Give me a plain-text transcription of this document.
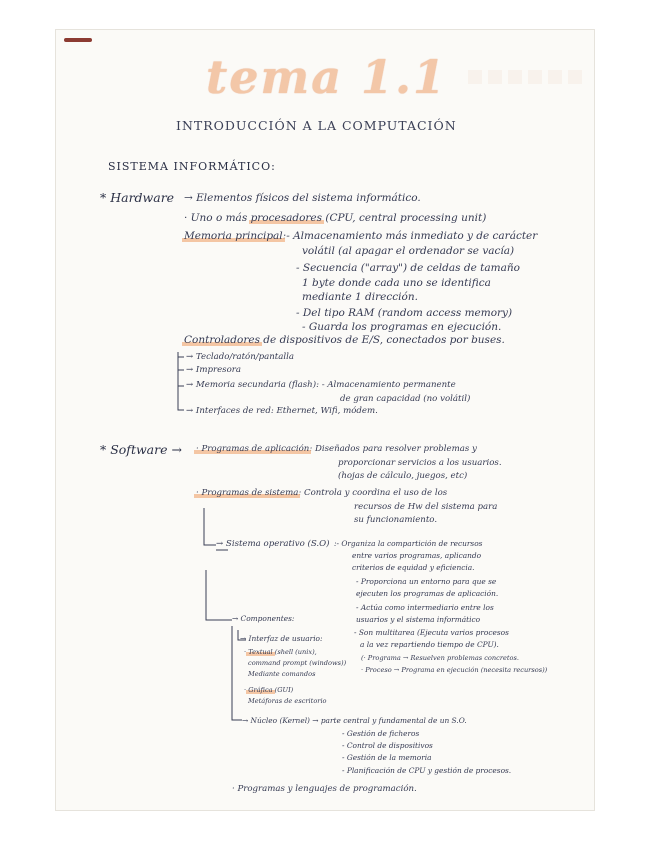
tema 1.1
INTRODUCCIÓN A LA COMPUTACIÓN
SISTEMA INFORMÁTICO:
* Hardware → Elementos físicos del sistema informático.
· Uno o más procesadores (CPU, central processing unit)
Memoria principal:- Almacenamiento más inmediato y de carácter
volátil (al apagar el ordenador se vacía)
- Secuencia ("array") de celdas de tamaño
1 byte donde cada uno se identifica
mediante 1 dirección.
- Del tipo RAM (random access memory)
- Guarda los programas en ejecución.
Controladores de dispositivos de E/S, conectados por buses.
→ Teclado/ratón/pantalla
→ Impresora
→ Memoria secundaria (flash): - Almacenamiento permanente
de gran capacidad (no volátil)
→ Interfaces de red: Ethernet, Wifi, módem.
* Software → · Programas de aplicación: Diseñados para resolver problemas y
proporcionar servicios a los usuarios.
(hojas de cálculo, juegos, etc)
· Programas de sistema: Controla y coordina el uso de los
recursos de Hw del sistema para
su funcionamiento.
→ Sistema operativo (S.O) :- Organiza la compartición de recursos
entre varios programas, aplicando
criterios de equidad y eficiencia.
- Proporciona un entorno para que se
ejecuten los programas de aplicación.
- Actúa como intermediario entre los
usuarios y el sistema informático
- Son multitarea (Ejecuta varios procesos
a la vez repartiendo tiempo de CPU).
(· Programa → Resuelven problemas concretos.
· Proceso → Programa en ejecución (necesita recursos))
→ Componentes:
→ Interfaz de usuario:
· Textual (shell (unix),
command prompt (windows))
Mediante comandos
· Gráfica (GUI)
Metáforas de escritorio
→ Núcleo (Kernel) → parte central y fundamental de un S.O.
- Gestión de ficheros
- Control de dispositivos
- Gestión de la memoria
- Planificación de CPU y gestión de procesos.
· Programas y lenguajes de programación.
